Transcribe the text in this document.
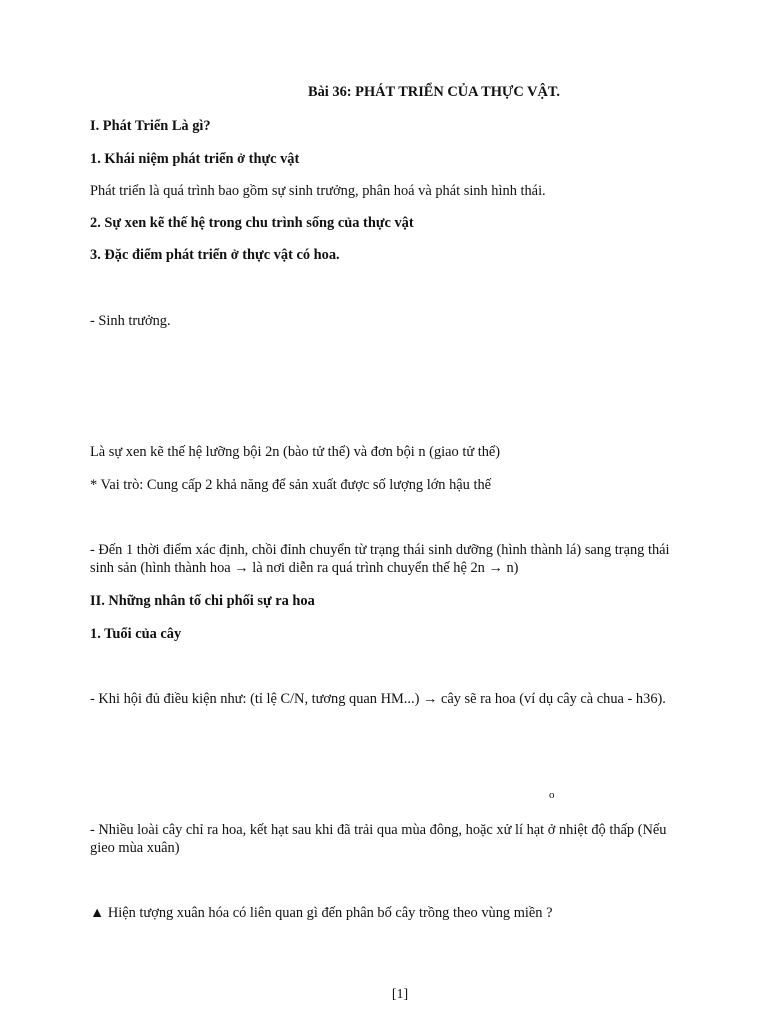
Bài 36: PHÁT TRIỂN CỦA THỰC VẬT.
I. Phát Triển Là gì?
1. Khái niệm phát triển ở thực vật
Phát triển là quá trình bao gồm sự sinh trưởng, phân hoá và phát sinh hình thái.
2. Sự xen kẽ thế hệ trong chu trình sống của thực vật
3. Đặc điểm phát triển ở thực vật có hoa.
- Sinh trưởng.
Là sự xen kẽ thế hệ lưỡng bội 2n (bào tử thể) và đơn bội n (giao tử thể)
* Vai trò: Cung cấp 2 khả năng để sản xuất được số lượng lớn hậu thế
- Đến 1 thời điểm xác định, chồi đỉnh chuyển từ trạng thái sinh dưỡng (hình thành lá) sang trạng thái
sinh sản (hình thành hoa → là nơi diễn ra quá trình chuyển thế hệ 2n → n)
II. Những nhân tố chi phối sự ra hoa
1. Tuổi của cây
- Khi hội đủ điều kiện như: (tỉ lệ C/N, tương quan HM...) → cây sẽ ra hoa (ví dụ cây cà chua - h36).
o
- Nhiều loài cây chỉ ra hoa, kết hạt sau khi đã trải qua mùa đông, hoặc xử lí hạt ở nhiệt độ thấp (Nếu
gieo mùa xuân)
▲ Hiện tượng xuân hóa có liên quan gì đến phân bố cây trồng theo vùng miền ?
[1]
